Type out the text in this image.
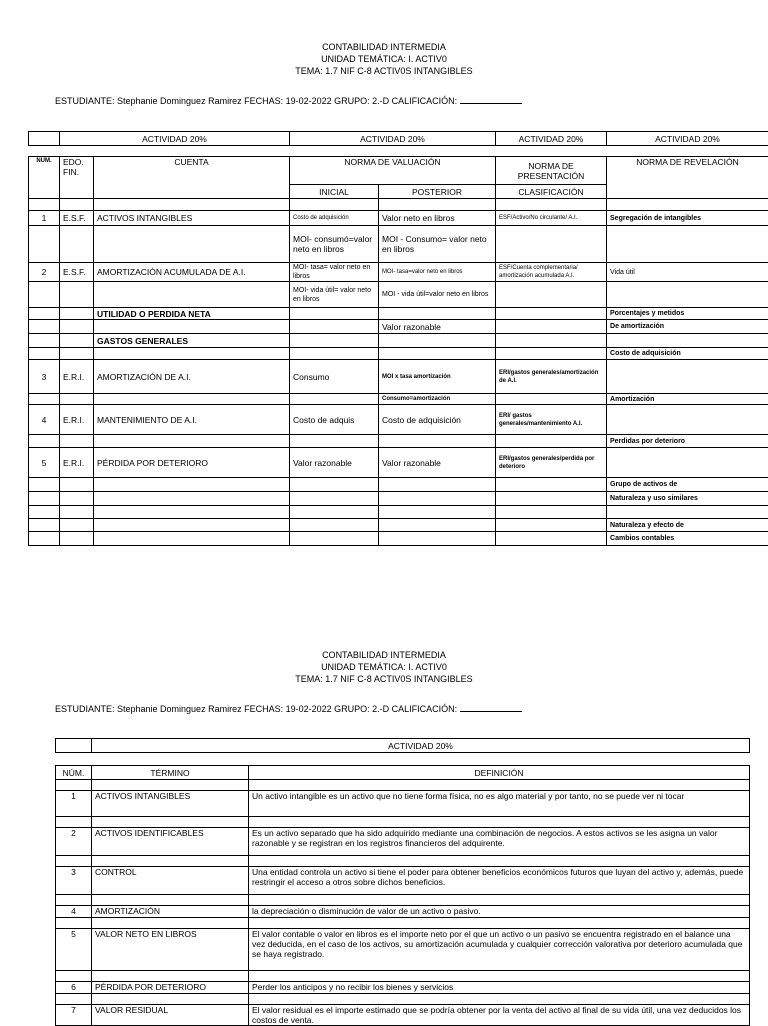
CONTABILIDAD INTERMEDIA
UNIDAD TEMÁTICA: I. ACTIV0
TEMA: 1.7 NIF C-8 ACTIV0S INTANGIBLES
ESTUDIANTE: Stephanie Dominguez Ramirez FECHAS: 19-02-2022 GRUPO: 2.-D CALIFICACIÓN:
	ACTIVIDAD 20%	ACTIVIDAD 20%	ACTIVIDAD 20%	ACTIVIDAD 20%
NÚM.	EDO. FIN.	CUENTA	NORMA DE VALUACIÓN		NORMA DE PRESENTACIÓN	NORMA DE REVELACIÓN
			INICIAL	POSTERIOR	CLASIFICACIÓN	

1	E.S.F.	ACTIVOS INTANGIBLES	Costo de adquisición	Valor neto en libros	ESF/Activo/No circulante/ A.I.	Segregación de intangibles
			MOI- consumó=valor neto en libros	MOI - Consumo= valor neto en libros		
2	E.S.F.	AMORTIZACIÓN ACUMULADA DE A.I.	MOI- tasa= valor neto en libros	MOI- tasa=valor neto en libros	ESF/Cuenta complementaria/ amortización acumulada A.I.	Vida útil
			MOI- vida útil= valor neto en libros	MOI - vida útil=valor neto en libros		
		UTILIDAD O PERDIDA NETA				Porcentajes y metidos
				Valor razonable		De amortización
		GASTOS GENERALES				
						Costo de adquisición
3	E.R.I.	AMORTIZACIÓN DE A.I.	Consumo	MOI x tasa amortización	ERI/gastos generales/amortización de A.I.	
				Consumo=amortización		Amortización
4	E.R.I.	MANTENIMIENTO DE A.I.	Costo de adquis	Costo de adquisición	ERI/ gastos generales/mantenimiento A.I.	
						Perdidas por deterioro
5	E.R.I.	PÉRDIDA POR DETERIORO	Valor razonable	Valor razonable	ERI/gastos generales/perdida por deterioro	
						Grupo de activos de
						Naturaleza y uso similares

						Naturaleza y efecto de
						Cambios contables
CONTABILIDAD INTERMEDIA
UNIDAD TEMÁTICA: I. ACTIV0
TEMA: 1.7 NIF C-8 ACTIV0S INTANGIBLES
ESTUDIANTE: Stephanie Dominguez Ramirez FECHAS: 19-02-2022 GRUPO: 2.-D CALIFICACIÓN:
	ACTIVIDAD 20%
NÚM.	TÉRMINO	DEFINICIÓN

1	ACTIVOS INTANGIBLES	Un activo intangible es un activo que no tiene forma física, no es algo material y por tanto, no se puede ver ni tocar

2	ACTIVOS IDENTIFICABLES	Es un activo separado que ha sido adquirido mediante una combinación de negocios. A estos activos se les asigna un valor razonable y se registran en los registros financieros del adquirente.

3	CONTROL	Una entidad controla un activo si tiene el poder para obtener beneficios económicos futuros que luyan del activo y, además, puede restringir el acceso a otros sobre dichos beneficios.

4	AMORTIZACIÓN	la depreciación o disminución de valor de un activo o pasivo.

5	VALOR NETO EN LIBROS	El valor contable o valor en libros es el importe neto por el que un activo o un pasivo se encuentra registrado en el balance una vez deducida, en el caso de los activos, su amortización acumulada y cualquier corrección valorativa por deterioro acumulada que se haya registrado.

6	PÉRDIDA POR DETERIORO	Perder los anticipos y no recibir los bienes y servicios

7	VALOR RESIDUAL	El valor residual es el importe estimado que se podría obtener por la venta del activo al final de su vida útil, una vez deducidos los costos de venta.
